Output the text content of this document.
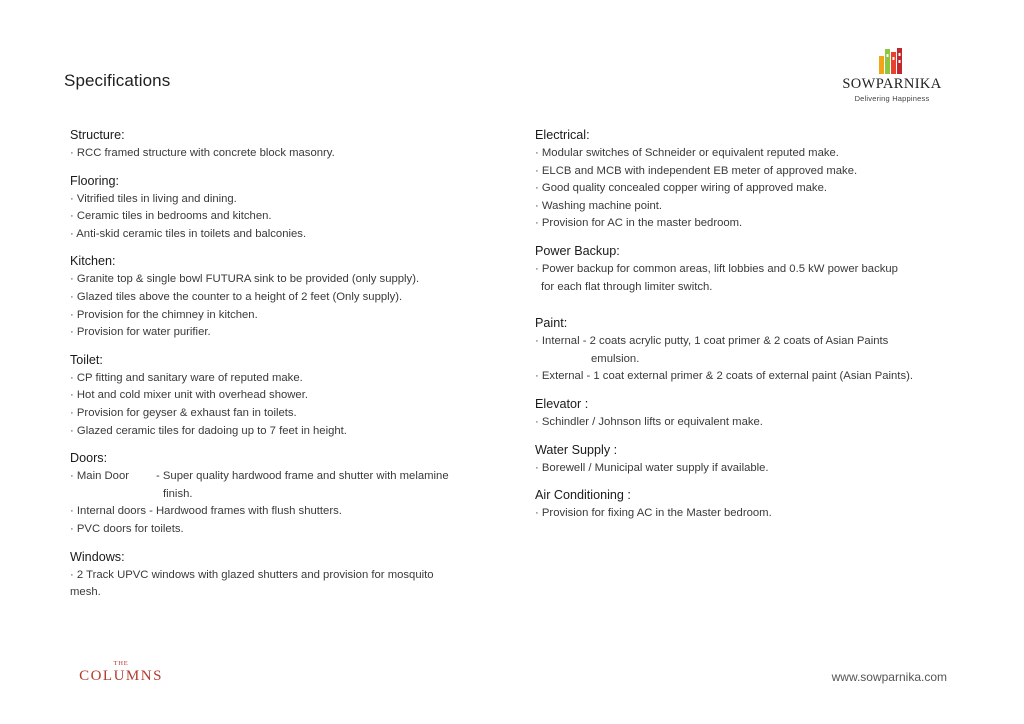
Specifications	SOWPARNIKA
Delivering Happiness
Structure:
· RCC framed structure with concrete block masonry.
Flooring:
· Vitrified tiles in living and dining.
· Ceramic tiles in bedrooms and kitchen.
· Anti-skid ceramic tiles in toilets and balconies.
Kitchen:
· Granite top & single bowl FUTURA sink to be provided (only supply).
· Glazed tiles above the counter to a height of 2 feet (Only supply).
· Provision for the chimney in kitchen.
· Provision for water purifier.
Toilet:
· CP fitting and sanitary ware of reputed make.
· Hot and cold mixer unit with overhead shower.
· Provision for geyser & exhaust fan in toilets.
· Glazed ceramic tiles for dadoing up to 7 feet in height.
Doors:
· Main Door	- Super quality hardwood frame and shutter with melamine
finish.
· Internal doors - Hardwood frames with flush shutters.
· PVC doors for toilets.
Windows:
· 2 Track UPVC windows with glazed shutters and provision for mosquito
mesh.
Electrical:
· Modular switches of Schneider or equivalent reputed make.
· ELCB and MCB with independent EB meter of approved make.
· Good quality concealed copper wiring of approved make.
· Washing machine point.
· Provision for AC in the master bedroom.
Power Backup:
· Power backup for common areas, lift lobbies and 0.5 kW power backup
for each flat through limiter switch.
Paint:
· Internal - 2 coats acrylic putty, 1 coat primer & 2 coats of Asian Paints
emulsion.
· External - 1 coat external primer & 2 coats of external paint (Asian Paints).
Elevator :
· Schindler / Johnson lifts or equivalent make.
Water Supply :
· Borewell / Municipal water supply if available.
Air Conditioning :
· Provision for fixing AC in the Master bedroom.
THE
COLUMNS	www.sowparnika.com
